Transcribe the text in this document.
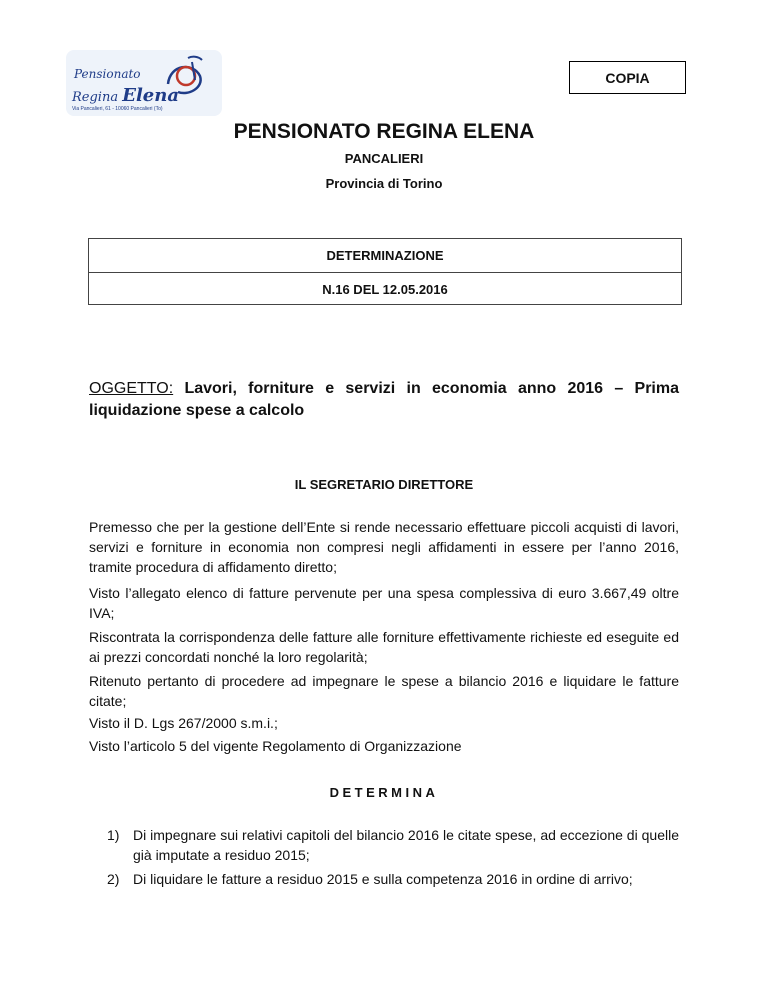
Pensionato
Regina Elena
Via Pancalieri, 61 - 10060 Pancalieri (To)
COPIA
PENSIONATO REGINA ELENA
PANCALIERI
Provincia di Torino
DETERMINAZIONE
N.16 DEL 12.05.2016
OGGETTO: Lavori, forniture e servizi in economia anno 2016 – Prima liquidazione spese a calcolo
IL SEGRETARIO DIRETTORE
Premesso che per la gestione dell’Ente si rende necessario effettuare piccoli acquisti di lavori, servizi e forniture in economia non compresi negli affidamenti in essere per l’anno 2016, tramite procedura di affidamento diretto;
Visto l’allegato elenco di fatture pervenute per una spesa complessiva di euro 3.667,49 oltre IVA;
Riscontrata la corrispondenza delle fatture alle forniture effettivamente richieste ed eseguite ed ai prezzi concordati nonché la loro regolarità;
Ritenuto pertanto di procedere ad impegnare le spese a bilancio 2016 e liquidare le fatture citate;
Visto il D. Lgs 267/2000 s.m.i.;
Visto l’articolo 5 del vigente Regolamento di Organizzazione
DETERMINA
1) Di impegnare sui relativi capitoli del bilancio 2016 le citate spese, ad eccezione di quelle già imputate a residuo 2015;
2) Di liquidare le fatture a residuo 2015 e sulla competenza 2016 in ordine di arrivo;
